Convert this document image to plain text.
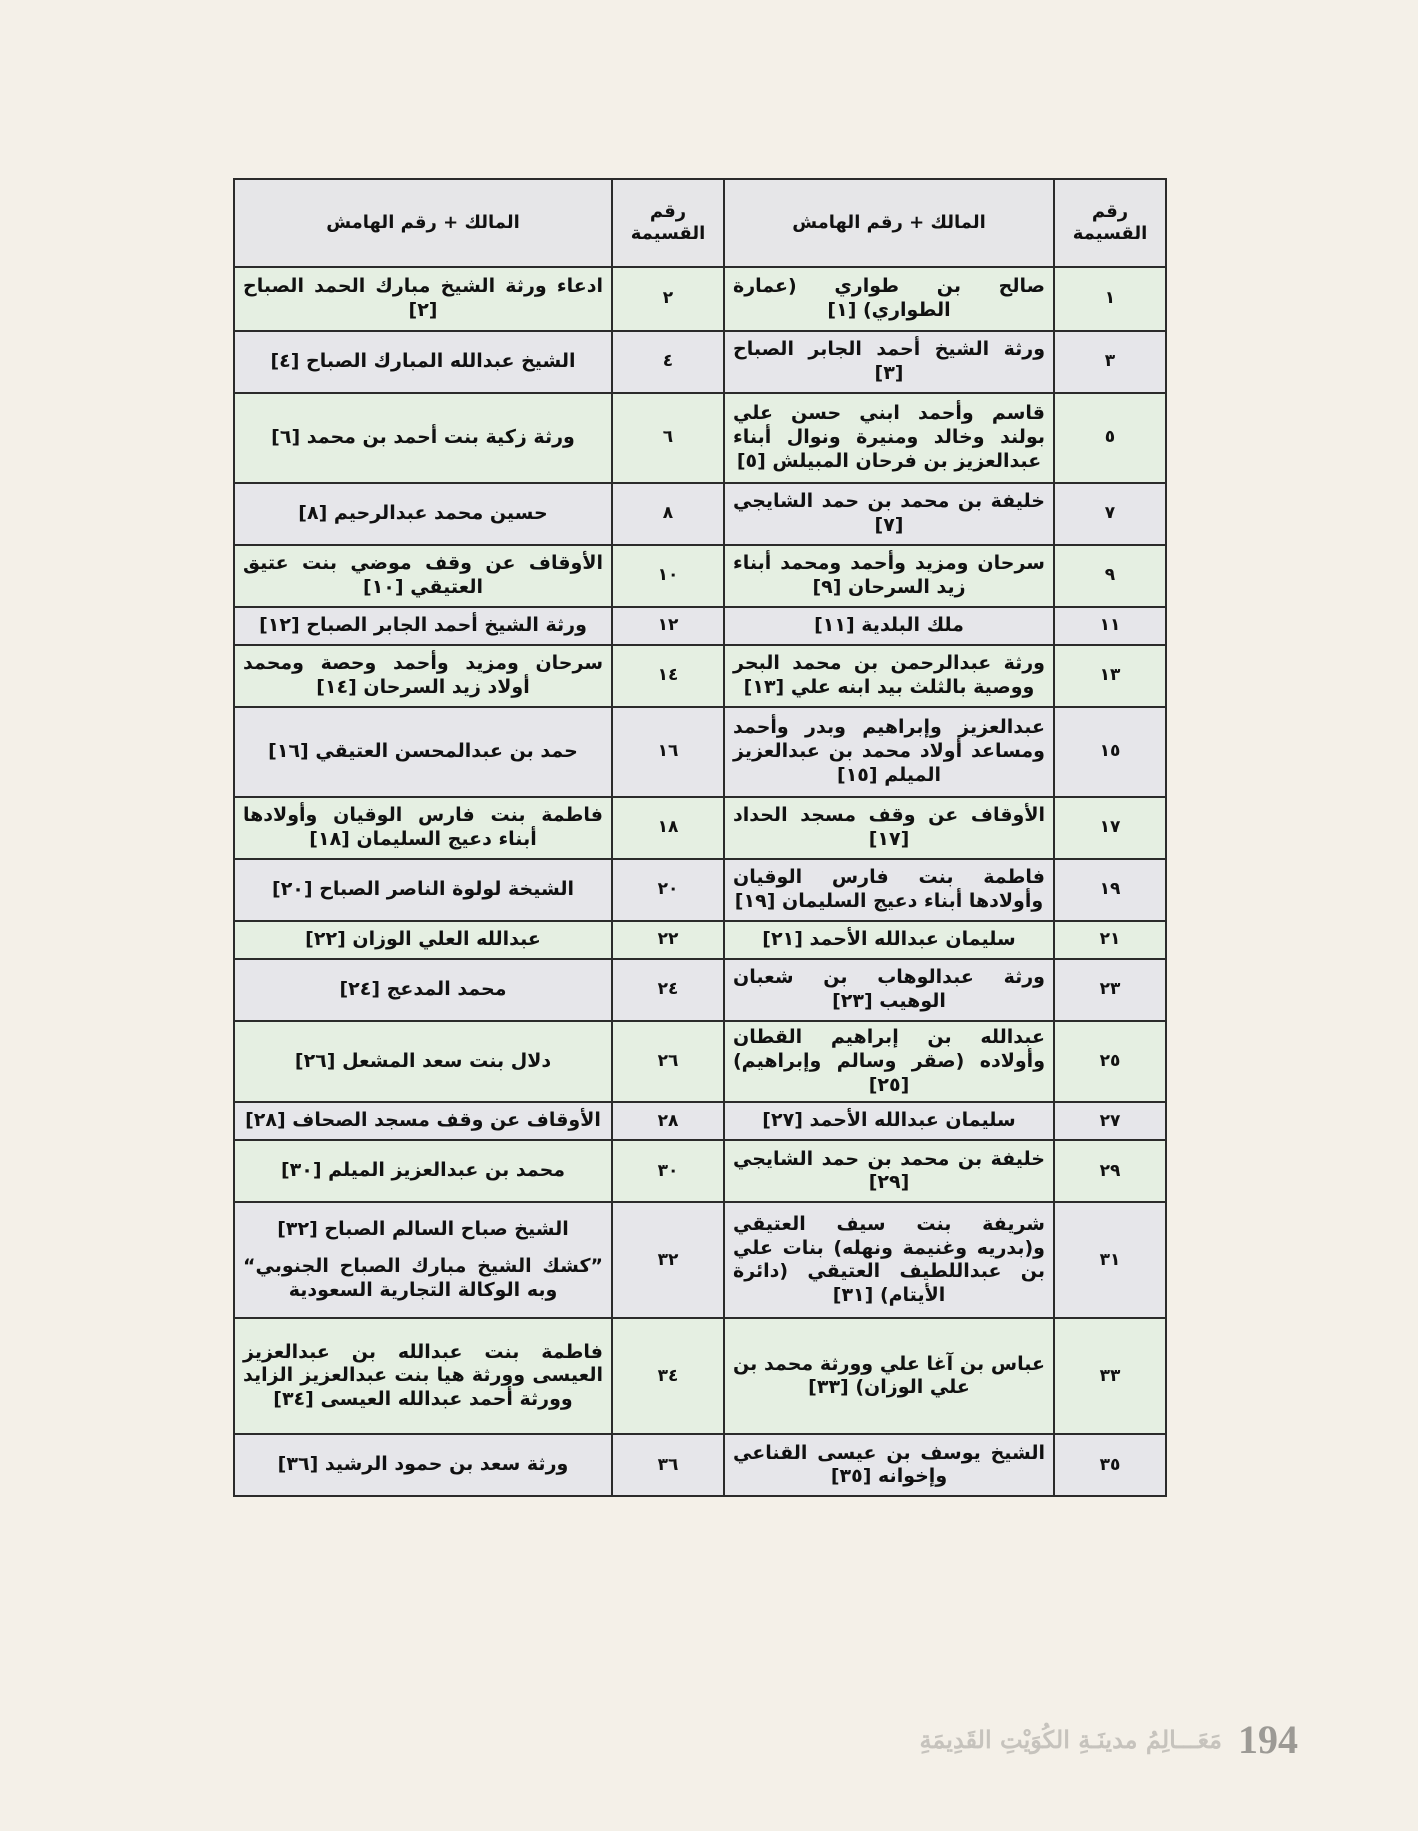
رقم القسيمة	المالك + رقم الهامش	رقم القسيمة	المالك + رقم الهامش
١	صالح بن طواري (عمارة الطواري) [١]	٢	ادعاء ورثة الشيخ مبارك الحمد الصباح [٢]

٣	ورثة الشيخ أحمد الجابر الصباح [٣]	٤	الشيخ عبدالله المبارك الصباح [٤]

٥	قاسم وأحمد ابني حسن علي بولند وخالد ومنيرة ونوال أبناء عبدالعزيز بن فرحان المبيلش [٥]	٦	ورثة زكية بنت أحمد بن محمد [٦]

٧	خليفة بن محمد بن حمد الشايجي [٧]	٨	حسين محمد عبدالرحيم [٨]

٩	سرحان ومزيد وأحمد ومحمد أبناء زيد السرحان [٩]	١٠	الأوقاف عن وقف موضي بنت عتيق العتيقي [١٠]

١١	ملك البلدية [١١]	١٢	ورثة الشيخ أحمد الجابر الصباح [١٢]

١٣	ورثة عبدالرحمن بن محمد البحر ووصية بالثلث بيد ابنه علي [١٣]	١٤	سرحان ومزيد وأحمد وحصة ومحمد أولاد زيد السرحان [١٤]

١٥	عبدالعزيز وإبراهيم وبدر وأحمد ومساعد أولاد محمد بن عبدالعزيز الميلم [١٥]	١٦	حمد بن عبدالمحسن العتيقي [١٦]

١٧	الأوقاف عن وقف مسجد الحداد [١٧]	١٨	فاطمة بنت فارس الوقيان وأولادها أبناء دعيج السليمان [١٨]

١٩	فاطمة بنت فارس الوقيان وأولادها أبناء دعيج السليمان [١٩]	٢٠	الشيخة لولوة الناصر الصباح [٢٠]

٢١	سليمان عبدالله الأحمد [٢١]	٢٢	عبدالله العلي الوزان [٢٢]

٢٣	ورثة عبدالوهاب بن شعبان الوهيب [٢٣]	٢٤	محمد المدعج [٢٤]

٢٥	عبدالله بن إبراهيم القطان وأولاده (صقر وسالم وإبراهيم) [٢٥]	٢٦	دلال بنت سعد المشعل [٢٦]

٢٧	سليمان عبدالله الأحمد [٢٧]	٢٨	الأوقاف عن وقف مسجد الصحاف [٢٨]

٢٩	خليفة بن محمد بن حمد الشايجي [٢٩]	٣٠	محمد بن عبدالعزيز الميلم [٣٠]

٣١	شريفة بنت سيف العتيقي و(بدريه وغنيمة ونهله) بنات علي بن عبداللطيف العتيقي (دائرة الأيتام) [٣١]	٣٢	الشيخ صباح السالم الصباح [٣٢]
”كشك الشيخ مبارك الصباح الجنوبي“ وبه الوكالة التجارية السعودية

٣٣	عباس بن آغا علي وورثة محمد بن علي الوزان) [٣٣]	٣٤	فاطمة بنت عبدالله بن عبدالعزيز العيسى وورثة هيا بنت عبدالعزيز الزايد وورثة أحمد عبدالله العيسى [٣٤]

٣٥	الشيخ يوسف بن عيسى القناعي وإخوانه [٣٥]	٣٦	ورثة سعد بن حمود الرشيد [٣٦]
194
مَعَـــالِمُ مدينَـةِ الكُوَيْتِ القَدِيمَةِ
